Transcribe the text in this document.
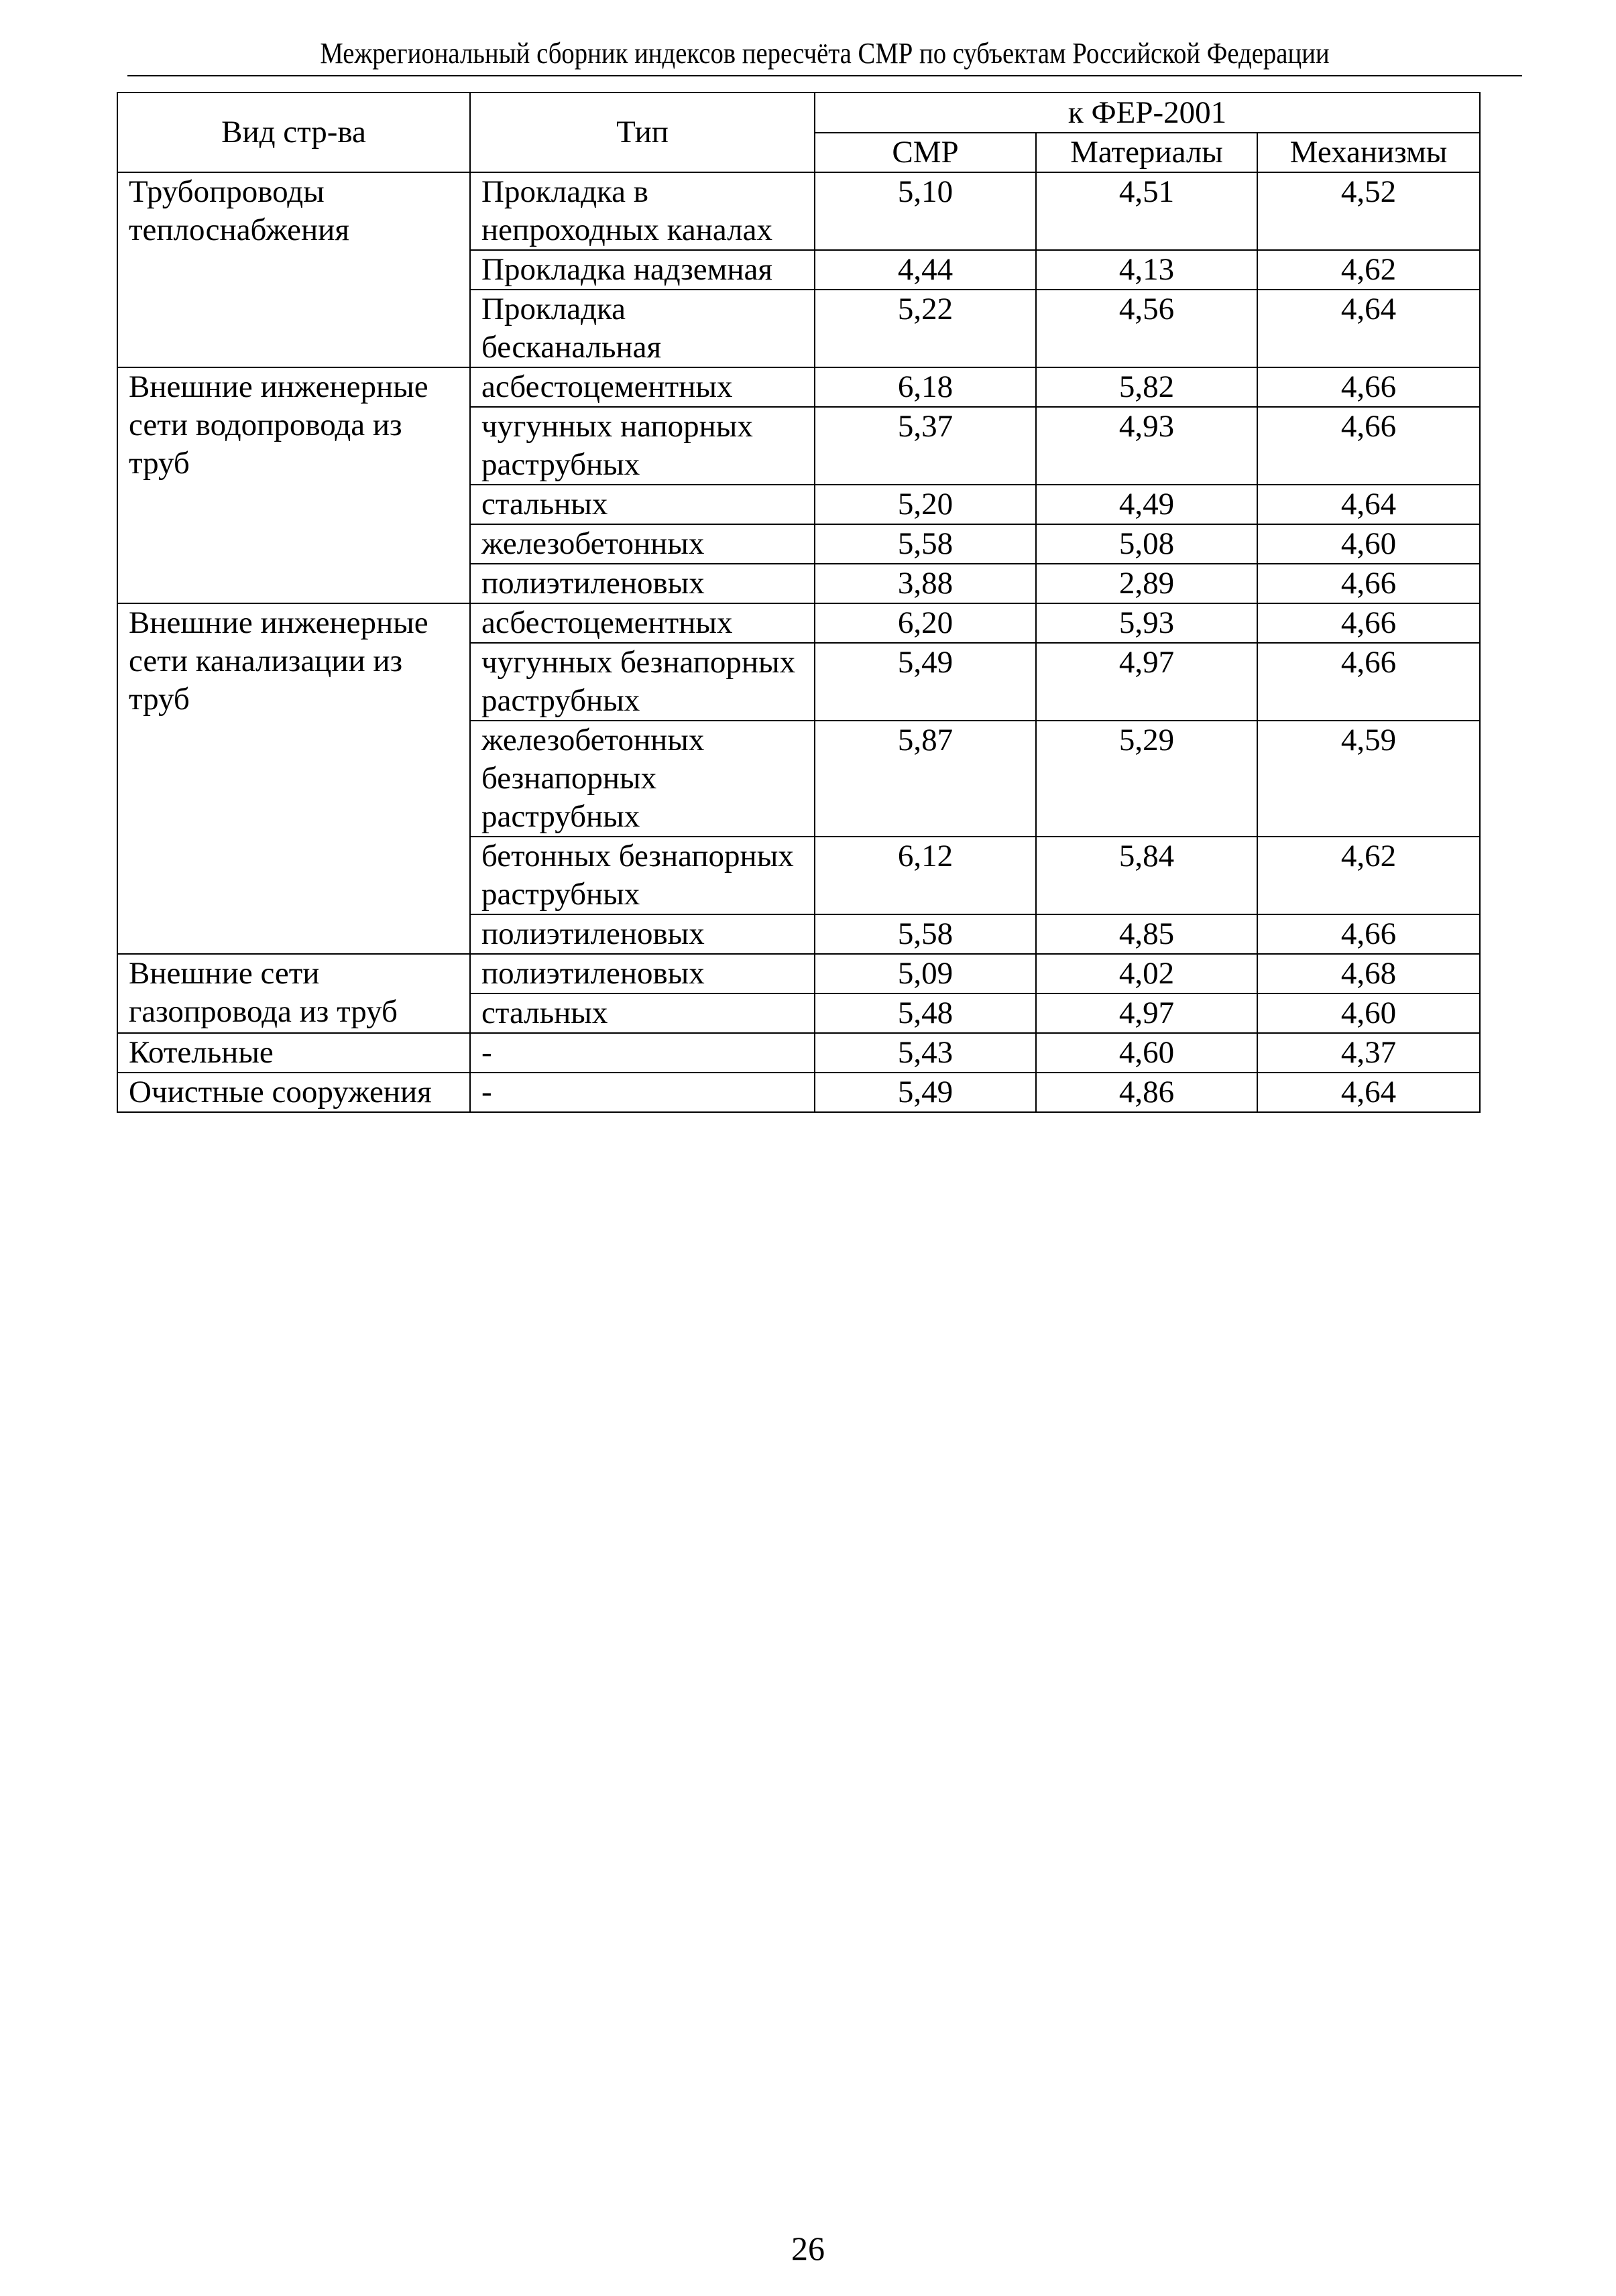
Межрегиональный сборник индексов пересчёта СМР по субъектам Российской Федерации
Вид стр-ва	Тип	к ФЕР-2001		
		СМР	Материалы	Механизмы
Трубопроводы теплоснабжения	Прокладка в непроходных каналах	5,10	4,51	4,52
	Прокладка надземная	4,44	4,13	4,62
	Прокладка бесканальная	5,22	4,56	4,64
Внешние инженерные сети водопровода из труб	асбестоцементных	6,18	5,82	4,66
	чугунных напорных раструбных	5,37	4,93	4,66
	стальных	5,20	4,49	4,64
	железобетонных	5,58	5,08	4,60
	полиэтиленовых	3,88	2,89	4,66
Внешние инженерные сети канализации из труб	асбестоцементных	6,20	5,93	4,66
	чугунных безнапорных раструбных	5,49	4,97	4,66
	железобетонных безнапорных раструбных	5,87	5,29	4,59
	бетонных безнапорных раструбных	6,12	5,84	4,62
	полиэтиленовых	5,58	4,85	4,66
Внешние сети газопровода из труб	полиэтиленовых	5,09	4,02	4,68
	стальных	5,48	4,97	4,60
Котельные	-	5,43	4,60	4,37
Очистные сооружения	-	5,49	4,86	4,64
26
